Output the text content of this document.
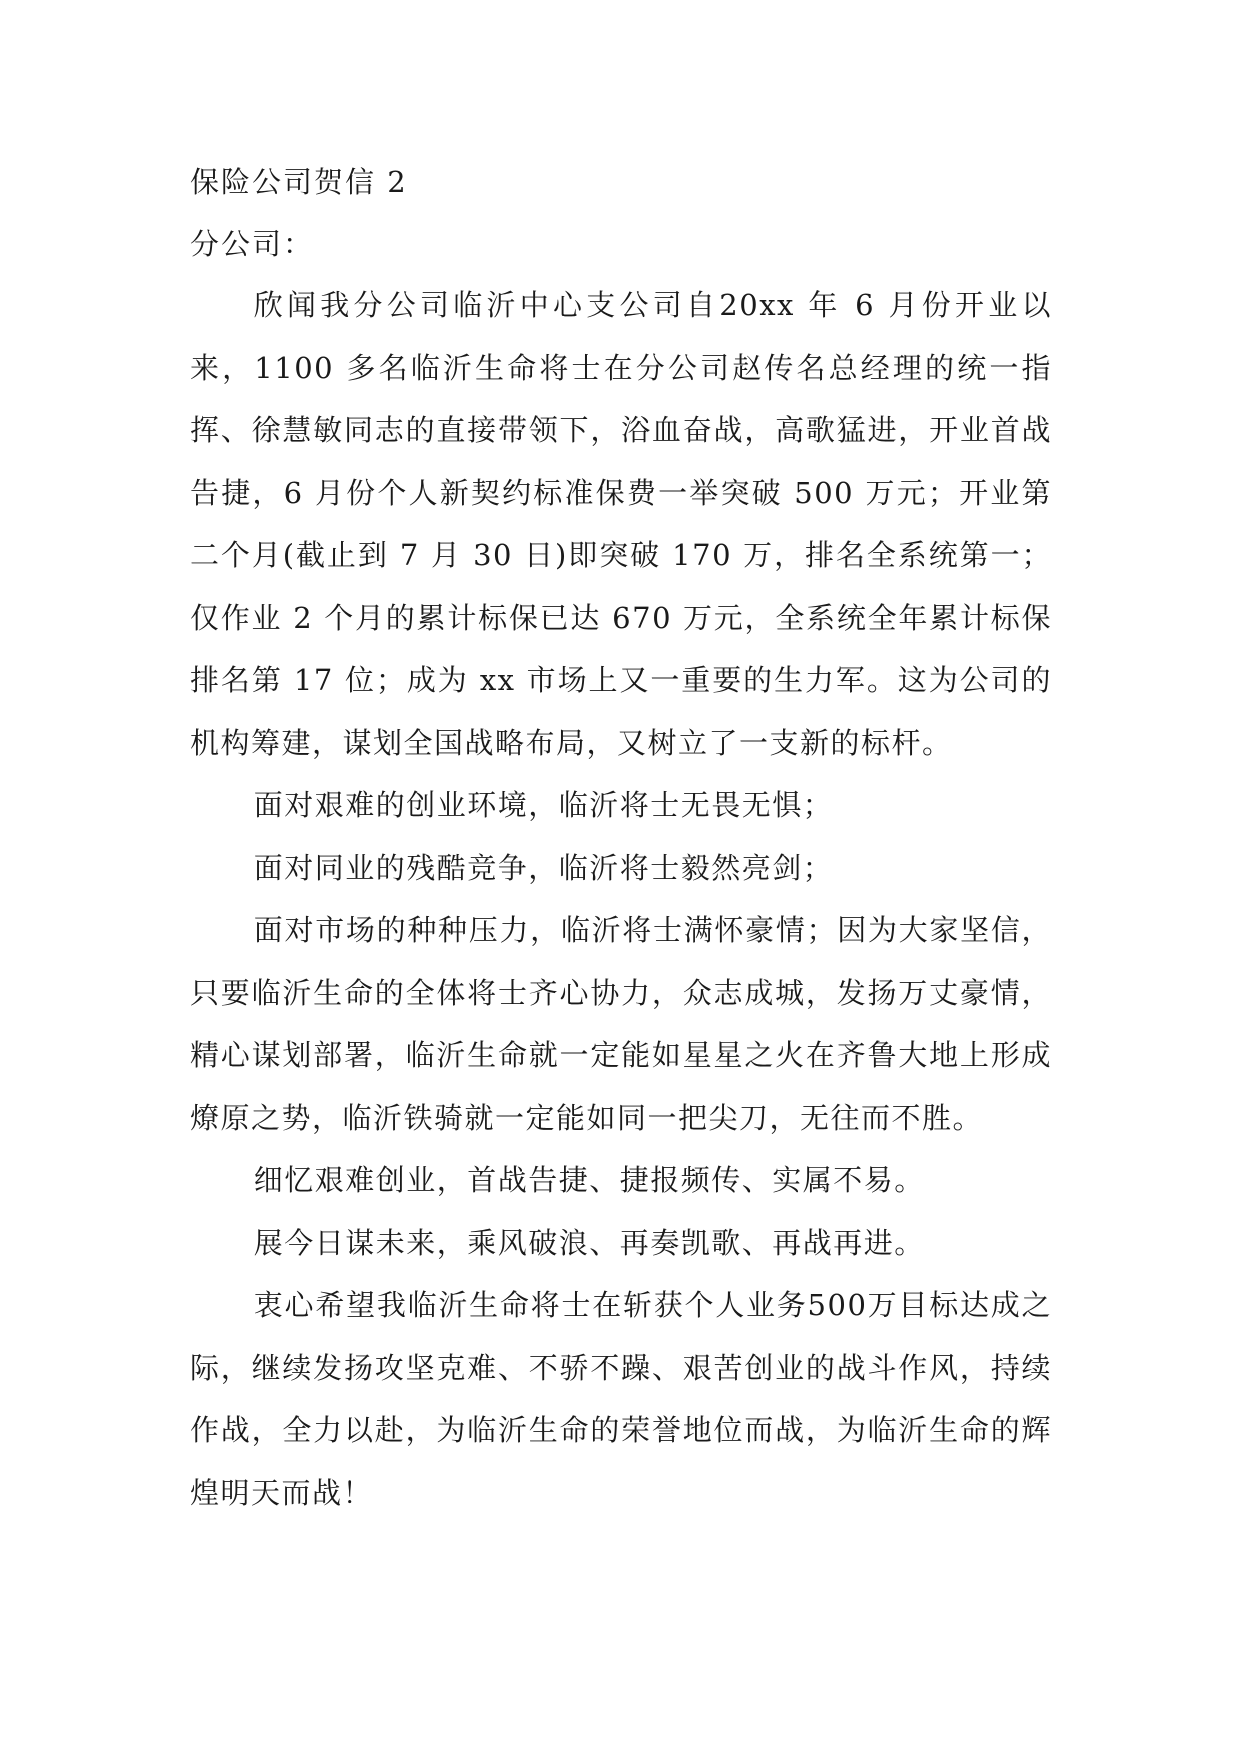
保险公司贺信 2
分公司：

欣闻我分公司临沂中心支公司自20xx 年 6 月份开业以来，1100 多名临沂生命将士在分公司赵传名总经理的统一指挥、徐慧敏同志的直接带领下，浴血奋战，高歌猛进，开业首战告捷，6 月份个人新契约标准保费一举突破 500 万元；开业第二个月(截止到 7 月 30 日)即突破 170 万，排名全系统第一；仅作业 2 个月的累计标保已达 670 万元，全系统全年累计标保排名第 17 位；成为 xx 市场上又一重要的生力军。这为公司的机构筹建，谋划全国战略布局，又树立了一支新的标杆。

面对艰难的创业环境，临沂将士无畏无惧；

面对同业的残酷竞争，临沂将士毅然亮剑；

面对市场的种种压力，临沂将士满怀豪情；因为大家坚信，只要临沂生命的全体将士齐心协力，众志成城，发扬万丈豪情，精心谋划部署，临沂生命就一定能如星星之火在齐鲁大地上形成燎原之势，临沂铁骑就一定能如同一把尖刀，无往而不胜。

细忆艰难创业，首战告捷、捷报频传、实属不易。

展今日谋未来，乘风破浪、再奏凯歌、再战再进。

衷心希望我临沂生命将士在斩获个人业务500万目标达成之际，继续发扬攻坚克难、不骄不躁、艰苦创业的战斗作风，持续作战，全力以赴，为临沂生命的荣誉地位而战，为临沂生命的辉煌明天而战！
